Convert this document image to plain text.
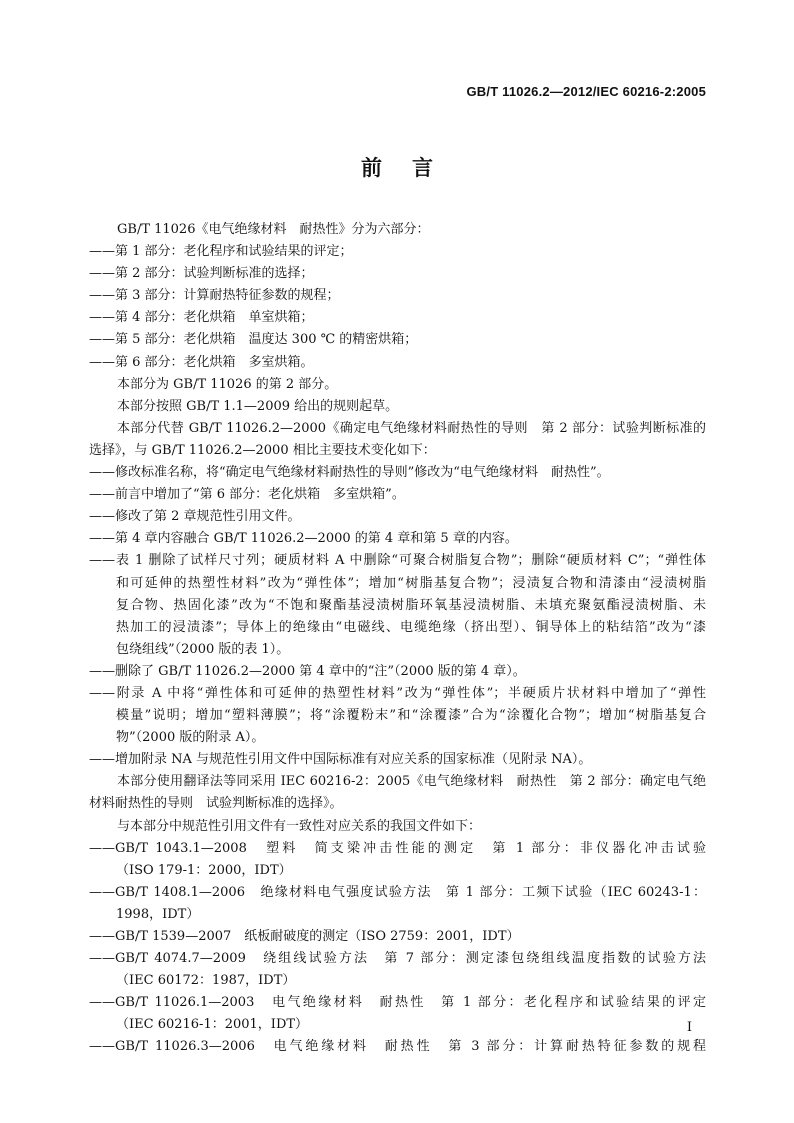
GB/T 11026.2—2012/IEC 60216-2:2005
前言
GB/T 11026《电气绝缘材料　耐热性》分为六部分：
——第 1 部分：老化程序和试验结果的评定；
——第 2 部分：试验判断标准的选择；
——第 3 部分：计算耐热特征参数的规程；
——第 4 部分：老化烘箱　单室烘箱；
——第 5 部分：老化烘箱　温度达 300 ℃ 的精密烘箱；
——第 6 部分：老化烘箱　多室烘箱。
本部分为 GB/T 11026 的第 2 部分。
本部分按照 GB/T 1.1—2009 给出的规则起草。
本部分代替 GB/T 11026.2—2000《确定电气绝缘材料耐热性的导则　第 2 部分：试验判断标准的
选择》，与 GB/T 11026.2—2000 相比主要技术变化如下：
——修改标准名称，将“确定电气绝缘材料耐热性的导则”修改为“电气绝缘材料　耐热性”。
——前言中增加了“第 6 部分：老化烘箱　多室烘箱”。
——修改了第 2 章规范性引用文件。
——第 4 章内容融合 GB/T 11026.2—2000 的第 4 章和第 5 章的内容。
——表 1 删除了试样尺寸列；硬质材料 A 中删除“可聚合树脂复合物”；删除“硬质材料 C”；“弹性体
和可延伸的热塑性材料”改为“弹性体”；增加“树脂基复合物”；浸渍复合物和清漆由“浸渍树脂
复合物、热固化漆”改为“不饱和聚酯基浸渍树脂环氧基浸渍树脂、未填充聚氨酯浸渍树脂、未
热加工的浸渍漆”；导体上的绝缘由“电磁线、电缆绝缘（挤出型）、铜导体上的粘结箔”改为“漆
包绕组线”（2000 版的表 1）。
——删除了 GB/T 11026.2—2000 第 4 章中的“注”（2000 版的第 4 章）。
——附录 A 中将“弹性体和可延伸的热塑性材料”改为“弹性体”；半硬质片状材料中增加了“弹性
模量”说明；增加“塑料薄膜”；将“涂覆粉末”和“涂覆漆”合为“涂覆化合物”；增加“树脂基复合
物”（2000 版的附录 A）。
——增加附录 NA 与规范性引用文件中国际标准有对应关系的国家标准（见附录 NA）。
本部分使用翻译法等同采用 IEC 60216-2：2005《电气绝缘材料　耐热性　第 2 部分：确定电气绝
材料耐热性的导则　试验判断标准的选择》。
与本部分中规范性引用文件有一致性对应关系的我国文件如下：
——GB/T 1043.1—2008　塑料　简支梁冲击性能的测定　第 1 部分：非仪器化冲击试验
（ISO 179-1：2000，IDT）
——GB/T 1408.1—2006　绝缘材料电气强度试验方法　第 1 部分：工频下试验（IEC 60243-1：
1998，IDT）
——GB/T 1539—2007　纸板耐破度的测定（ISO 2759：2001，IDT）
——GB/T 4074.7—2009　绕组线试验方法　第 7 部分：测定漆包绕组线温度指数的试验方法
（IEC 60172：1987，IDT）
——GB/T 11026.1—2003　电气绝缘材料　耐热性　第 1 部分：老化程序和试验结果的评定
（IEC 60216-1：2001，IDT）
——GB/T 11026.3—2006　电气绝缘材料　耐热性　第 3 部分：计算耐热特征参数的规程
I
